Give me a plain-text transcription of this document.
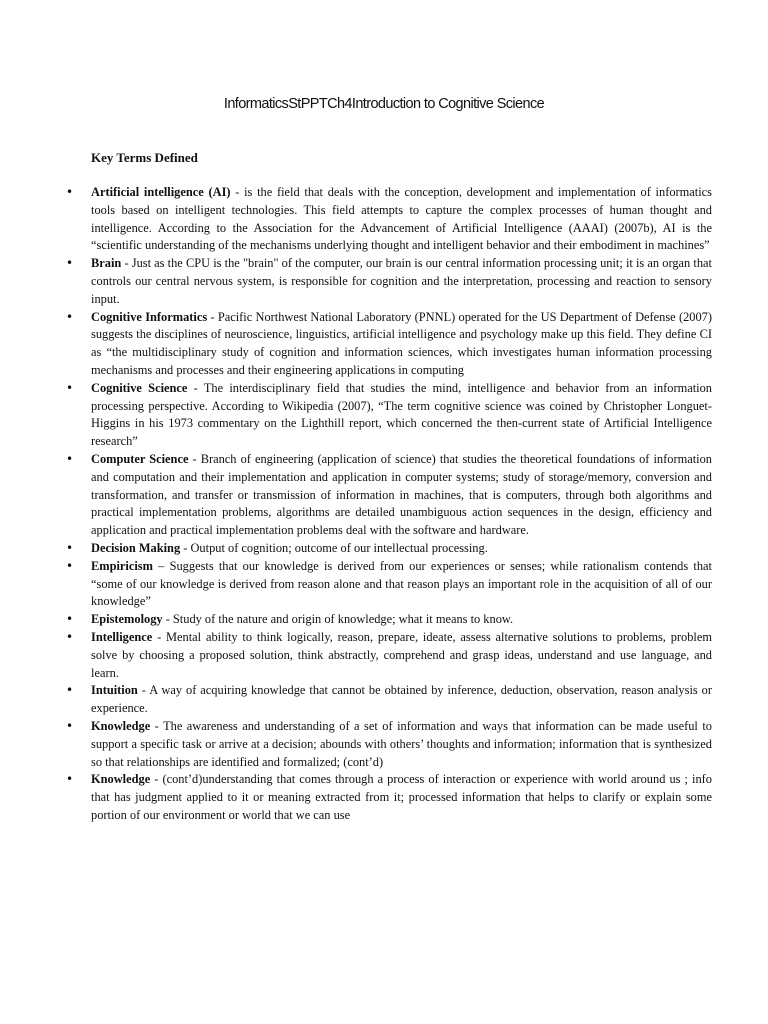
InformaticsStPPTCh4Introduction to Cognitive Science
Key Terms Defined
• Artificial intelligence (AI) - is the field that deals with the conception, development and implementation of informatics tools based on intelligent technologies. This field attempts to capture the complex processes of human thought and intelligence. According to the Association for the Advancement of Artificial Intelligence (AAAI) (2007b), AI is the “scientific understanding of the mechanisms underlying thought and intelligent behavior and their embodiment in machines”
• Brain - Just as the CPU is the "brain" of the computer, our brain is our central information processing unit; it is an organ that controls our central nervous system, is responsible for cognition and the interpretation, processing and reaction to sensory input.
• Cognitive Informatics - Pacific Northwest National Laboratory (PNNL) operated for the US Department of Defense (2007) suggests the disciplines of neuroscience, linguistics, artificial intelligence and psychology make up this field. They define CI as “the multidisciplinary study of cognition and information sciences, which investigates human information processing mechanisms and processes and their engineering applications in computing
• Cognitive Science - The interdisciplinary field that studies the mind, intelligence and behavior from an information processing perspective. According to Wikipedia (2007), “The term cognitive science was coined by Christopher Longuet-Higgins in his 1973 commentary on the Lighthill report, which concerned the then-current state of Artificial Intelligence research”
• Computer Science - Branch of engineering (application of science) that studies the theoretical foundations of information and computation and their implementation and application in computer systems; study of storage/memory, conversion and transformation, and transfer or transmission of information in machines, that is computers, through both algorithms and practical implementation problems, algorithms are detailed unambiguous action sequences in the design, efficiency and application and practical implementation problems deal with the software and hardware.
• Decision Making - Output of cognition; outcome of our intellectual processing.
• Empiricism – Suggests that our knowledge is derived from our experiences or senses; while rationalism contends that “some of our knowledge is derived from reason alone and that reason plays an important role in the acquisition of all of our knowledge”
• Epistemology - Study of the nature and origin of knowledge; what it means to know.
• Intelligence - Mental ability to think logically, reason, prepare, ideate, assess alternative solutions to problems, problem solve by choosing a proposed solution, think abstractly, comprehend and grasp ideas, understand and use language, and learn.
• Intuition - A way of acquiring knowledge that cannot be obtained by inference, deduction, observation, reason analysis or experience.
• Knowledge - The awareness and understanding of a set of information and ways that information can be made useful to support a specific task or arrive at a decision; abounds with others’ thoughts and information; information that is synthesized so that relationships are identified and formalized; (cont’d)
• Knowledge - (cont’d)understanding that comes through a process of interaction or experience with world around us ; info that has judgment applied to it or meaning extracted from it; processed information that helps to clarify or explain some portion of our environment or world that we can use
